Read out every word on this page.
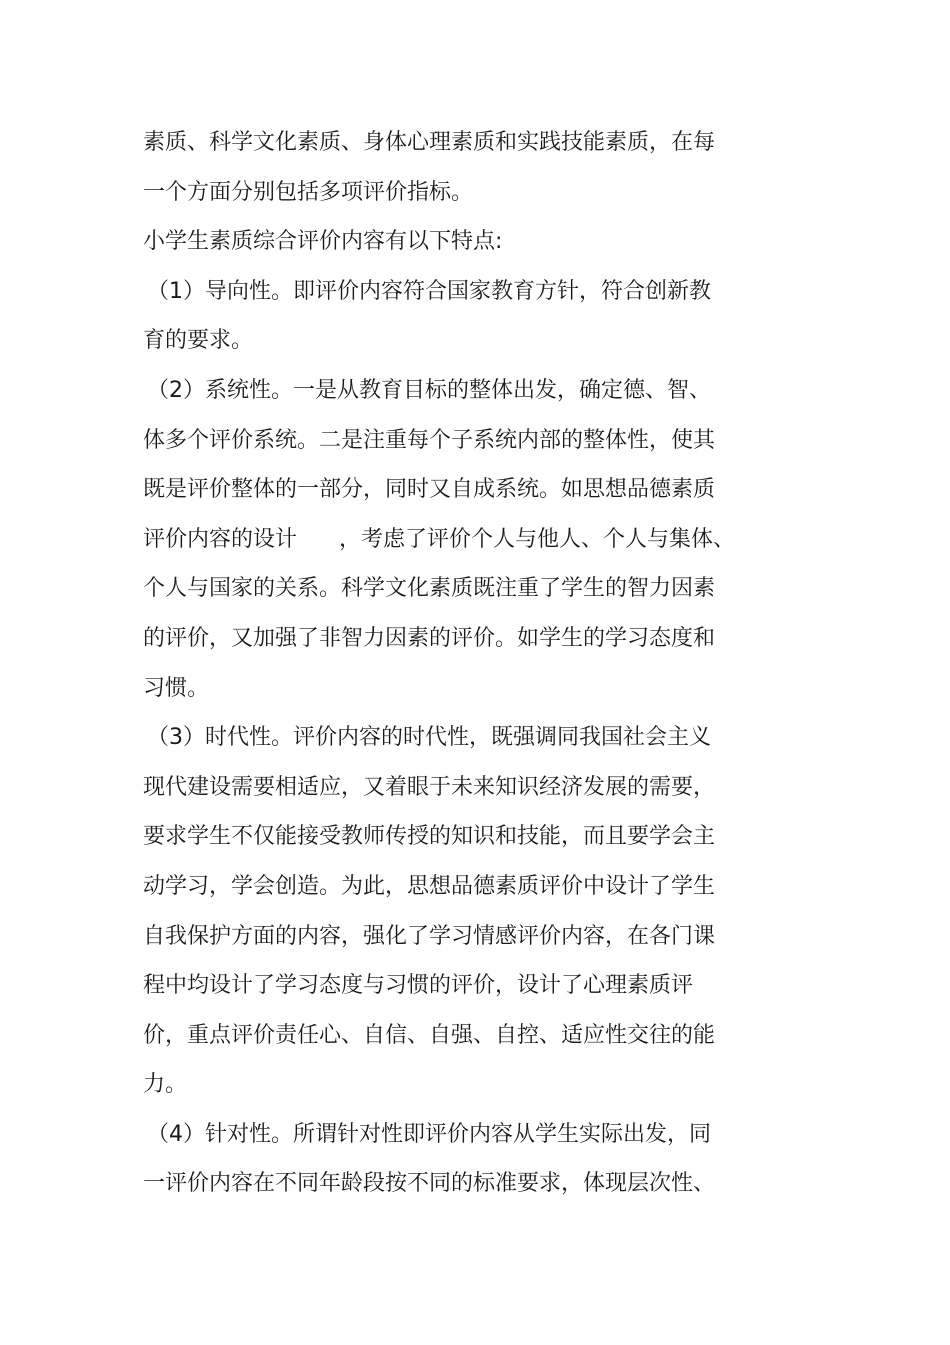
素质、科学文化素质、身体心理素质和实践技能素质，在每
一个方面分别包括多项评价指标。
小学生素质综合评价内容有以下特点:
（1）导向性。即评价内容符合国家教育方针，符合创新教
育的要求。
（2）系统性。一是从教育目标的整体出发，确定德、智、
体多个评价系统。二是注重每个子系统内部的整体性，使其
既是评价整体的一部分，同时又自成系统。如思想品德素质
评价内容的设计      ，考虑了评价个人与他人、个人与集体、
个人与国家的关系。科学文化素质既注重了学生的智力因素
的评价，又加强了非智力因素的评价。如学生的学习态度和
习惯。
（3）时代性。评价内容的时代性，既强调同我国社会主义
现代建设需要相适应，又着眼于未来知识经济发展的需要，
要求学生不仅能接受教师传授的知识和技能，而且要学会主
动学习，学会创造。为此，思想品德素质评价中设计了学生
自我保护方面的内容，强化了学习情感评价内容，在各门课
程中均设计了学习态度与习惯的评价，设计了心理素质评
价，重点评价责任心、自信、自强、自控、适应性交往的能
力。
（4）针对性。所谓针对性即评价内容从学生实际出发，同
一评价内容在不同年龄段按不同的标准要求，体现层次性、
